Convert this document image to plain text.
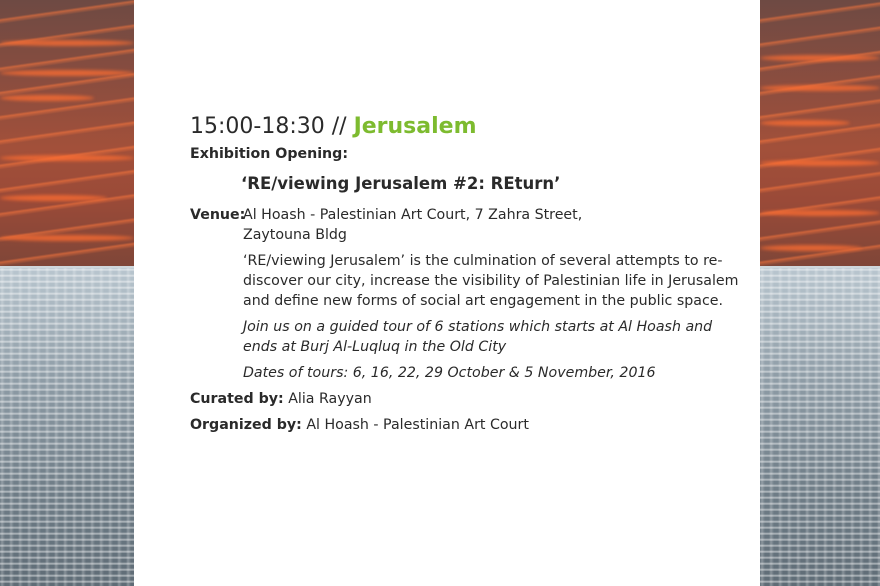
15:00-18:30 // Jerusalem
Exhibition Opening:
‘RE/viewing Jerusalem #2: REturn’
Venue:
Al Hoash - Palestinian Art Court, 7 Zahra Street,
Zaytouna Bldg
‘RE/viewing Jerusalem’ is the culmination of several attempts to re-discover our city, increase the visibility of Palestinian life in Jerusalem and define new forms of social art engagement in the public space.
Join us on a guided tour of 6 stations which starts at Al Hoash and ends at Burj Al-Luqluq in the Old City
Dates of tours: 6, 16, 22, 29 October & 5 November, 2016
Curated by: Alia Rayyan
Organized by: Al Hoash - Palestinian Art Court
